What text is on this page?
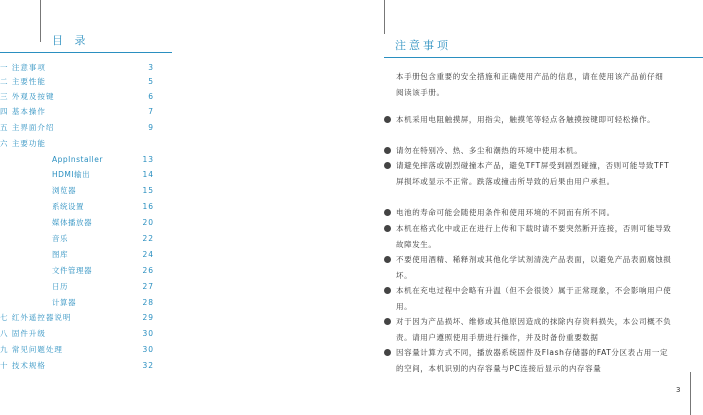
目 录
一 注意事项	3
二 主要性能	5
三 外观及按键	6
四 基本操作	7
五 主界面介绍	9
六 主要功能
AppInstaller	13
HDMI输出	14
浏览器	15
系统设置	16
媒体播放器	20
音乐	22
图库	24
文件管理器	26
日历	27
计算器	28
七 红外遥控器说明	29
八 固件升级	30
九 常见问题处理	30
十 技术规格	32
注意事项
本手册包含重要的安全措施和正确使用产品的信息，请在使用该产品前仔细阅读该手册。
本机采用电阻触摸屏，用指尖，触摸笔等轻点各触摸按键即可轻松操作。
请勿在特别冷、热、多尘和潮热的环境中使用本机。
请避免摔落或剧烈碰撞本产品，避免TFT屏受到剧烈碰撞，否则可能导致TFT屏损坏或显示不正常。跌落或撞击所导致的后果由用户承担。
电池的寿命可能会随使用条件和使用环境的不同而有所不同。
本机在格式化中或正在进行上传和下载时请不要突然断开连接，否则可能导致故障发生。
不要使用酒精、稀释剂或其他化学试剂清洗产品表面，以避免产品表面腐蚀损坏。
本机在充电过程中会略有升温（但不会很烫）属于正常现象，不会影响用户使用。
对于因为产品损坏、维修或其他原因造成的抹除内存资料损失，本公司概不负责。请用户遵照使用手册进行操作，并及时备份重要数据
因容量计算方式不同，播放器系统固件及Flash存储器的FAT分区表占用一定的空间，本机识别的内存容量与PC连接后显示的内存容量
3
